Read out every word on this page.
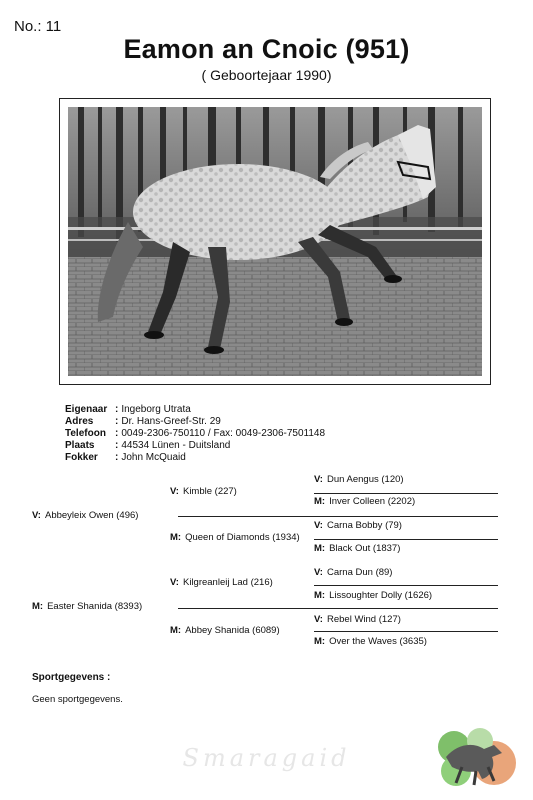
No.: 11
Eamon an Cnoic (951)
( Geboortejaar 1990)
Eigenaar : Ingeborg Utrata
Adres : Dr. Hans-Greef-Str. 29
Telefoon : 0049-2306-750110 / Fax: 0049-2306-7501148
Plaats : 44534 Lünen - Duitsland
Fokker : John McQuaid
V: Abbeyleix Owen (496)
M: Easter Shanida (8393)
V: Kimble (227)
M: Queen of Diamonds (1934)
V: Kilgreanleij Lad (216)
M: Abbey Shanida (6089)
V: Dun Aengus (120)
M: Inver Colleen (2202)
V: Carna Bobby (79)
M: Black Out (1837)
V: Carna Dun (89)
M: Lissoughter Dolly (1626)
V: Rebel Wind (127)
M: Over the Waves (3635)
Sportgegevens :
Geen sportgegevens.
Smaragaid
